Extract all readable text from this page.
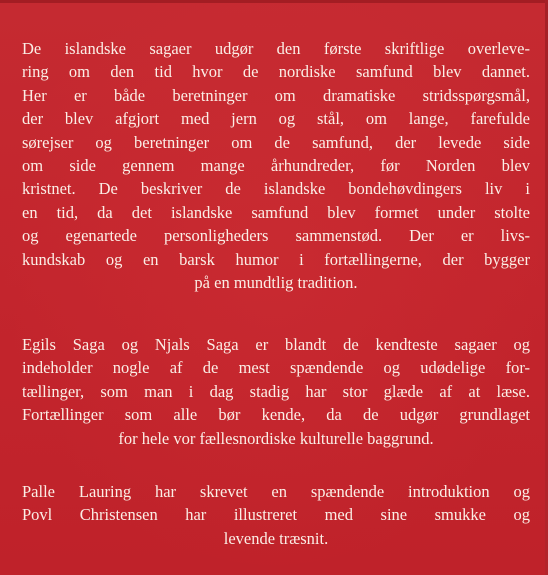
De islandske sagaer udgør den første skriftlige overleve-
ring om den tid hvor de nordiske samfund blev dannet.
Her er både beretninger om dramatiske stridsspørgsmål,
der blev afgjort med jern og stål, om lange, farefulde
sørejser og beretninger om de samfund, der levede side
om side gennem mange århundreder, før Norden blev
kristnet. De beskriver de islandske bondehøvdingers liv i
en tid, da det islandske samfund blev formet under stolte
og egenartede personligheders sammenstød. Der er livs-
kundskab og en barsk humor i fortællingerne, der bygger
på en mundtlig tradition.
Egils Saga og Njals Saga er blandt de kendteste sagaer og
indeholder nogle af de mest spændende og udødelige for-
tællinger, som man i dag stadig har stor glæde af at læse.
Fortællinger som alle bør kende, da de udgør grundlaget
for hele vor fællesnordiske kulturelle baggrund.
Palle Lauring har skrevet en spændende introduktion og
Povl Christensen har illustreret med sine smukke og
levende træsnit.
